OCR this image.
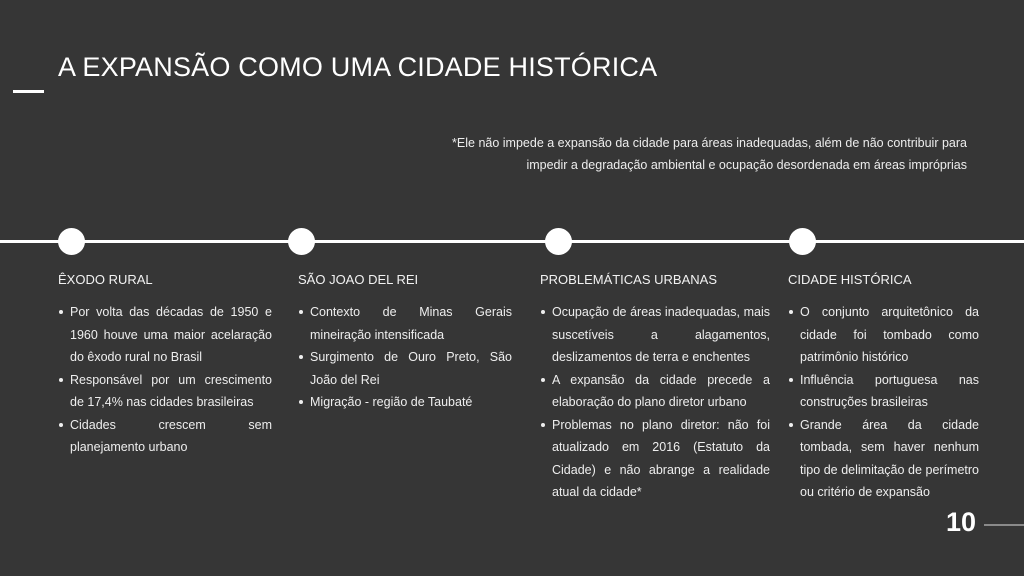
A EXPANSÃO COMO UMA CIDADE HISTÓRICA
*Ele não impede a expansão da cidade para áreas inadequadas, além de não contribuir para
impedir a degradação ambiental e ocupação desordenada em áreas impróprias
ÊXODO RURAL
Por volta das décadas de 1950 e 1960 houve uma maior acelaração do êxodo rural no Brasil
Responsável por um crescimento de 17,4% nas cidades brasileiras
Cidades crescem sem planejamento urbano
SÃO JOAO DEL REI
Contexto de Minas Gerais mineiração intensificada
Surgimento de Ouro Preto, São João del Rei
Migração - região de Taubaté
PROBLEMÁTICAS URBANAS
Ocupação de áreas inadequadas, mais suscetíveis a alagamentos, deslizamentos de terra e enchentes
A expansão da cidade precede a elaboração do plano diretor urbano
Problemas no plano diretor: não foi atualizado em 2016 (Estatuto da Cidade) e não abrange a realidade atual da cidade*
CIDADE HISTÓRICA
O conjunto arquitetônico da cidade foi tombado como patrimônio histórico
Influência portuguesa nas construções brasileiras
Grande área da cidade tombada, sem haver nenhum tipo de delimitação de perímetro ou critério de expansão
10
